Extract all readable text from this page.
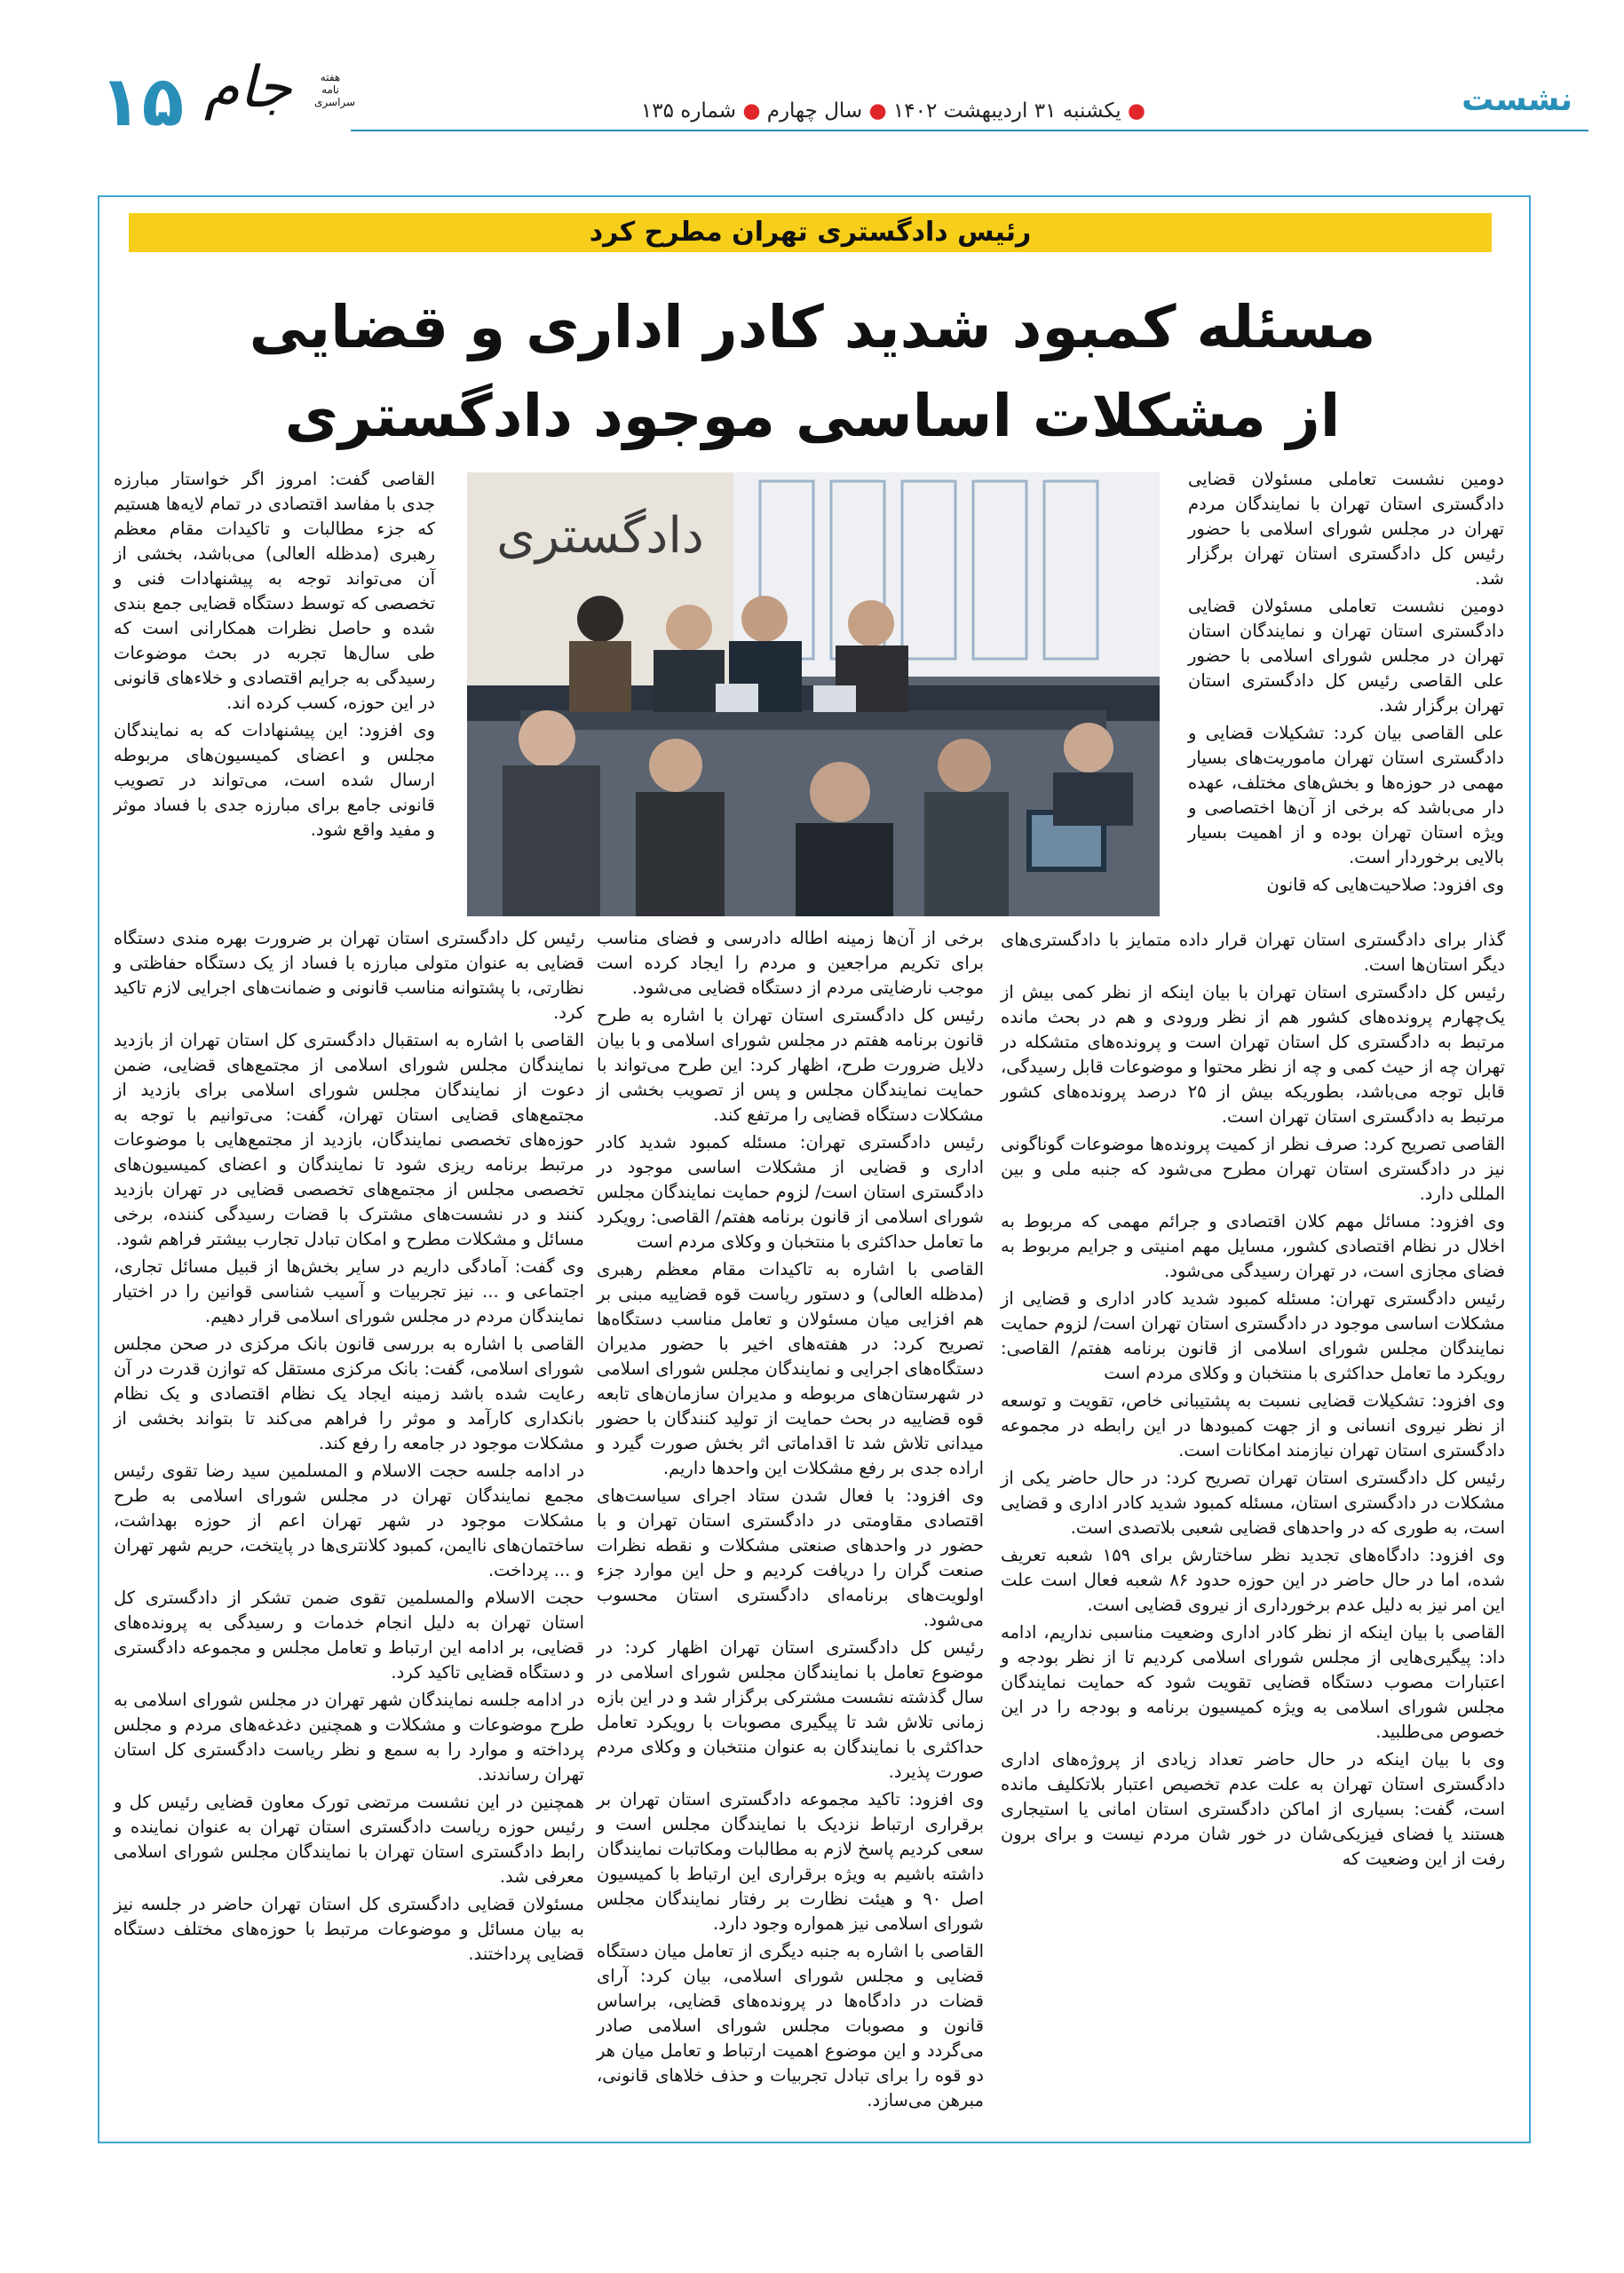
نشست
● یکشنبه ۳۱ اردیبهشت ۱۴۰۲ ● سال چهارم ● شماره ۱۳۵
جام	هفته نامه سراسری
۱۵
رئیس دادگستری تهران مطرح کرد
مسئله کمبود شدید کادر اداری و قضایی
از مشکلات اساسی موجود دادگستری
دادگستری

دومین نشست تعاملی مسئولان قضایی دادگستری استان تهران با نمایندگان مردم تهران در مجلس شورای اسلامی با حضور رئیس کل دادگستری استان تهران برگزار شد.

دومین نشست تعاملی مسئولان قضایی دادگستری استان تهران و نمایندگان استان تهران در مجلس شورای اسلامی با حضور علی القاصی رئیس کل دادگستری استان تهران برگزار شد.

علی القاصی بیان کرد: تشکیلات قضایی و دادگستری استان تهران ماموریت‌های بسیار مهمی در حوزه‌ها و بخش‌های مختلف، عهده دار می‌باشد که برخی از آن‌ها اختصاصی و ویژه استان تهران بوده و از اهمیت بسیار بالایی برخوردار است.

وی افزود: صلاحیت‌هایی که قانون

گذار برای دادگستری استان تهران قرار داده متمایز با دادگستری‌های دیگر استان‌ها است.

رئیس کل دادگستری استان تهران با بیان اینکه از نظر کمی بیش از یک‌چهارم پرونده‌های کشور هم از نظر ورودی و هم در بحث مانده مرتبط به دادگستری کل استان تهران است و پرونده‌های متشکله در تهران چه از حیث کمی و چه از نظر محتوا و موضوعات قابل رسیدگی، قابل توجه می‌باشد، بطوریکه بیش از ۲۵ درصد پرونده‌های کشور مرتبط به دادگستری استان تهران است.

القاصی تصریح کرد: صرف نظر از کمیت پرونده‌ها موضوعات گوناگونی نیز در دادگستری استان تهران مطرح می‌شود که جنبه ملی و بین المللی دارد.

وی افزود: مسائل مهم کلان اقتصادی و جرائم مهمی که مربوط به اخلال در نظام اقتصادی کشور، مسایل مهم امنیتی و جرایم مربوط به فضای مجازی است، در تهران رسیدگی می‌شود.

رئیس دادگستری تهران: مسئله کمبود شدید کادر اداری و قضایی از مشکلات اساسی موجود در دادگستری استان تهران است/ لزوم حمایت نمایندگان مجلس شورای اسلامی از قانون برنامه هفتم/ القاصی: رویکرد ما تعامل حداکثری با منتخبان و وکلای مردم است

وی افزود: تشکیلات قضایی نسبت به پشتیبانی خاص، تقویت و توسعه از نظر نیروی انسانی و از جهت کمبودها در این رابطه در مجموعه دادگستری استان تهران نیازمند امکانات است.

رئیس کل دادگستری استان تهران تصریح کرد: در حال حاضر یکی از مشکلات در دادگستری استان، مسئله کمبود شدید کادر اداری و قضایی است، به طوری که در واحدهای قضایی شعبی بلاتصدی است.

وی افزود: دادگاه‌های تجدید نظر ساختارش برای ۱۵۹ شعبه تعریف شده، اما در حال حاضر در این حوزه حدود ۸۶ شعبه فعال است علت این امر نیز به دلیل عدم برخورداری از نیروی قضایی است.

القاصی با بیان اینکه از نظر کادر اداری وضعیت مناسبی نداریم، ادامه داد: پیگیری‌هایی از مجلس شورای اسلامی کردیم تا از نظر بودجه و اعتبارات مصوب دستگاه قضایی تقویت شود که حمایت نمایندگان مجلس شورای اسلامی به ویژه کمیسیون برنامه و بودجه را در این خصوص می‌طلبید.

وی با بیان اینکه در حال حاضر تعداد زیادی از پروژه‌های اداری دادگستری استان تهران به علت عدم تخصیص اعتبار بلاتکلیف مانده است، گفت: بسیاری از اماکن دادگستری استان امانی یا استیجاری هستند یا فضای فیزیکی‌شان در خور شان مردم نیست و برای برون رفت از این وضعیت که

برخی از آن‌ها زمینه اطاله دادرسی و فضای مناسب برای تکریم مراجعین و مردم را ایجاد کرده است موجب نارضایتی مردم از دستگاه قضایی می‌شود.

رئیس کل دادگستری استان تهران با اشاره به طرح قانون برنامه هفتم در مجلس شورای اسلامی و با بیان دلایل ضرورت طرح، اظهار کرد: این طرح می‌تواند با حمایت نمایندگان مجلس و پس از تصویب بخشی از مشکلات دستگاه قضایی را مرتفع کند.

رئیس دادگستری تهران: مسئله کمبود شدید کادر اداری و قضایی از مشکلات اساسی موجود در دادگستری استان است/ لزوم حمایت نمایندگان مجلس شورای اسلامی از قانون برنامه هفتم/ القاصی: رویکرد ما تعامل حداکثری با منتخبان و وکلای مردم است

القاصی با اشاره به تاکیدات مقام معظم رهبری (مدظله العالی) و دستور ریاست قوه قضاییه مبنی بر هم افزایی میان مسئولان و تعامل مناسب دستگاه‌ها تصریح کرد: در هفته‌های اخیر با حضور مدیران دستگاه‌های اجرایی و نمایندگان مجلس شورای اسلامی در شهرستان‌های مربوطه و مدیران سازمان‌های تابعه قوه قضاییه در بحث حمایت از تولید کنندگان با حضور میدانی تلاش شد تا اقداماتی اثر بخش صورت گیرد و اراده جدی بر رفع مشکلات این واحدها داریم.

وی افزود: با فعال شدن ستاد اجرای سیاست‌های اقتصادی مقاومتی در دادگستری استان تهران و با حضور در واحدهای صنعتی مشکلات و نقطه نظرات صنعت گران را دریافت کردیم و حل این موارد جزء اولویت‌های برنامه‌ای دادگستری استان محسوب می‌شود.

رئیس کل دادگستری استان تهران اظهار کرد: در موضوع تعامل با نمایندگان مجلس شورای اسلامی در سال گذشته نشست مشترکی برگزار شد و در این بازه زمانی تلاش شد تا پیگیری مصوبات با رویکرد تعامل حداکثری با نمایندگان به عنوان منتخبان و وکلای مردم صورت پذیرد.

وی افزود: تاکید مجموعه دادگستری استان تهران بر برقراری ارتباط نزدیک با نمایندگان مجلس است و سعی کردیم پاسخ لازم به مطالبات ومکاتبات نمایندگان داشته باشیم به ویژه برقراری این ارتباط با کمیسیون اصل ۹۰ و هیئت نظارت بر رفتار نمایندگان مجلس شورای اسلامی نیز همواره وجود دارد.

القاصی با اشاره به جنبه دیگری از تعامل میان دستگاه قضایی و مجلس شورای اسلامی، بیان کرد: آرای قضات در دادگاه‌ها در پرونده‌های قضایی، براساس قانون و مصوبات مجلس شورای اسلامی صادر می‌گردد و این موضوع اهمیت ارتباط و تعامل میان هر دو قوه را برای تبادل تجربیات و حذف خلاهای قانونی، مبرهن می‌سازد.

القاصی گفت: امروز اگر خواستار مبارزه جدی با مفاسد اقتصادی در تمام لایه‌ها هستیم که جزء مطالبات و تاکیدات مقام معظم رهبری (مدظله العالی) می‌باشد، بخشی از آن می‌تواند توجه به پیشنهادات فنی و تخصصی که توسط دستگاه قضایی جمع بندی شده و حاصل نظرات همکارانی است که طی سال‌ها تجربه در بحث موضوعات رسیدگی به جرایم اقتصادی و خلاءهای قانونی در این حوزه، کسب کرده اند.

وی افزود: این پیشنهادات که به نمایندگان مجلس و اعضای کمیسیون‌های مربوطه ارسال شده است، می‌تواند در تصویب قانونی جامع برای مبارزه جدی با فساد موثر و مفید واقع شود.

رئیس کل دادگستری استان تهران بر ضرورت بهره مندی دستگاه قضایی به عنوان متولی مبارزه با فساد از یک دستگاه حفاظتی و نظارتی، با پشتوانه مناسب قانونی و ضمانت‌های اجرایی لازم تاکید کرد.

القاصی با اشاره به استقبال دادگستری کل استان تهران از بازدید نمایندگان مجلس شورای اسلامی از مجتمع‌های قضایی، ضمن دعوت از نمایندگان مجلس شورای اسلامی برای بازدید از مجتمع‌های قضایی استان تهران، گفت: می‌توانیم با توجه به حوزه‌های تخصصی نمایندگان، بازدید از مجتمع‌هایی با موضوعات مرتبط برنامه ریزی شود تا نمایندگان و اعضای کمیسیون‌های تخصصی مجلس از مجتمع‌های تخصصی قضایی در تهران بازدید کنند و در نشست‌های مشترک با قضات رسیدگی کننده، برخی مسائل و مشکلات مطرح و امکان تبادل تجارب بیشتر فراهم شود.

وی گفت: آمادگی داریم در سایر بخش‌ها از قبیل مسائل تجاری، اجتماعی و ... نیز تجربیات و آسیب شناسی قوانین را در اختیار نمایندگان مردم در مجلس شورای اسلامی قرار دهیم.

القاصی با اشاره به بررسی قانون بانک مرکزی در صحن مجلس شورای اسلامی، گفت: بانک مرکزی مستقل که توازن قدرت در آن رعایت شده باشد زمینه ایجاد یک نظام اقتصادی و یک نظام بانکداری کارآمد و موثر را فراهم می‌کند تا بتواند بخشی از مشکلات موجود در جامعه را رفع کند.

در ادامه جلسه حجت الاسلام و المسلمین سید رضا تقوی رئیس مجمع نمایندگان تهران در مجلس شورای اسلامی به طرح مشکلات موجود در شهر تهران اعم از حوزه بهداشت، ساختمان‌های ناایمن، کمبود کلانتری‌ها در پایتخت، حریم شهر تهران و ... پرداخت.

حجت الاسلام والمسلمین تقوی ضمن تشکر از دادگستری کل استان تهران به دلیل انجام خدمات و رسیدگی به پرونده‌های قضایی، بر ادامه این ارتباط و تعامل مجلس و مجموعه دادگستری و دستگاه قضایی تاکید کرد.

در ادامه جلسه نمایندگان شهر تهران در مجلس شورای اسلامی به طرح موضوعات و مشکلات و همچنین دغدغه‌های مردم و مجلس پرداخته و موارد را به سمع و نظر ریاست دادگستری کل استان تهران رساندند.

همچنین در این نشست مرتضی تورک معاون قضایی رئیس کل و رئیس حوزه ریاست دادگستری استان تهران به عنوان نماینده و رابط دادگستری استان تهران با نمایندگان مجلس شورای اسلامی معرفی شد.

مسئولان قضایی دادگستری کل استان تهران حاضر در جلسه نیز به بیان مسائل و موضوعات مرتبط با حوزه‌های مختلف دستگاه قضایی پرداختند.
